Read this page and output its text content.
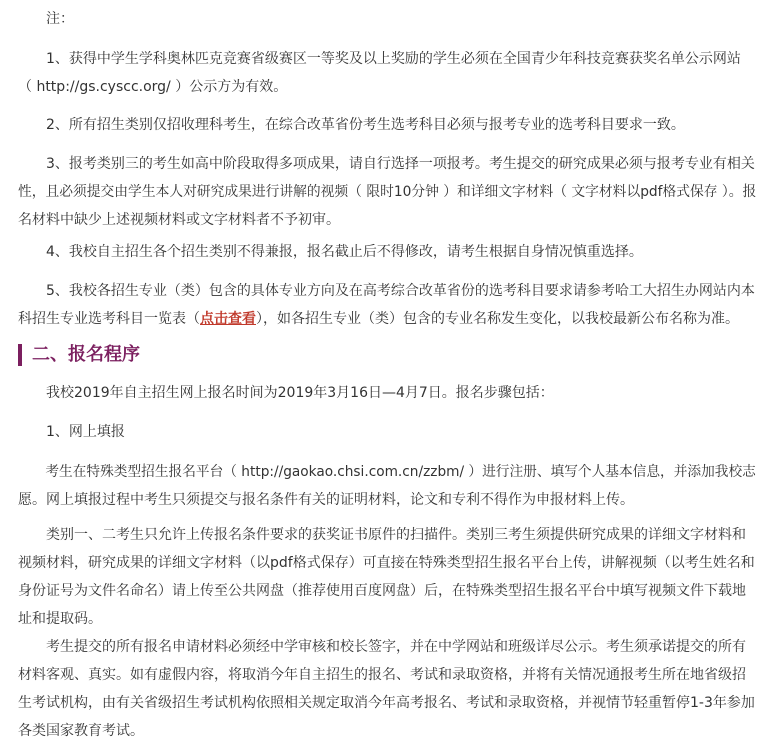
注：
1、获得中学生学科奥林匹克竞赛省级赛区一等奖及以上奖励的学生必须在全国青少年科技竞赛获奖名单公示网站
（ http://gs.cyscc.org/ ）公示方为有效。
2、所有招生类别仅招收理科考生，在综合改革省份考生选考科目必须与报考专业的选考科目要求一致。
3、报考类别三的考生如高中阶段取得多项成果，请自行选择一项报考。考生提交的研究成果必须与报考专业有相关
性，且必须提交由学生本人对研究成果进行讲解的视频（ 限时10分钟 ）和详细文字材料（ 文字材料以pdf格式保存 ）。报
名材料中缺少上述视频材料或文字材料者不予初审。
4、我校自主招生各个招生类别不得兼报，报名截止后不得修改，请考生根据自身情况慎重选择。
5、我校各招生专业（类）包含的具体专业方向及在高考综合改革省份的选考科目要求请参考哈工大招生办网站内本
科招生专业选考科目一览表（点击查看），如各招生专业（类）包含的专业名称发生变化，以我校最新公布名称为准。
二、报名程序
我校2019年自主招生网上报名时间为2019年3月16日—4月7日。报名步骤包括：
1、网上填报
考生在特殊类型招生报名平台（ http://gaokao.chsi.com.cn/zzbm/ ）进行注册、填写个人基本信息，并添加我校志
愿。网上填报过程中考生只须提交与报名条件有关的证明材料，论文和专利不得作为申报材料上传。
类别一、二考生只允许上传报名条件要求的获奖证书原件的扫描件。类别三考生须提供研究成果的详细文字材料和
视频材料，研究成果的详细文字材料（以pdf格式保存）可直接在特殊类型招生报名平台上传，讲解视频（以考生姓名和
身份证号为文件名命名）请上传至公共网盘（推荐使用百度网盘）后，在特殊类型招生报名平台中填写视频文件下载地
址和提取码。
考生提交的所有报名申请材料必须经中学审核和校长签字，并在中学网站和班级详尽公示。考生须承诺提交的所有
材料客观、真实。如有虚假内容，将取消今年自主招生的报名、考试和录取资格，并将有关情况通报考生所在地省级招
生考试机构，由有关省级招生考试机构依照相关规定取消今年高考报名、考试和录取资格，并视情节轻重暂停1-3年参加
各类国家教育考试。
